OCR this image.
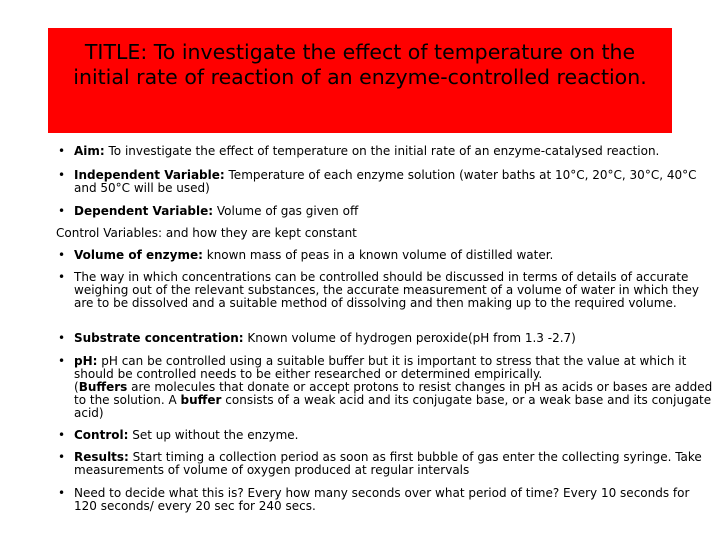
TITLE: To investigate the effect of temperature on the initial rate of reaction of an enzyme-controlled reaction.
• Aim: To investigate the effect of temperature on the initial rate of an enzyme-catalysed reaction.
• Independent Variable: Temperature of each enzyme solution (water baths at 10°C, 20°C, 30°C, 40°C and 50°C will be used)
• Dependent Variable: Volume of gas given off
Control Variables: and how they are kept constant
• Volume of enzyme: known mass of peas in a known volume of distilled water.
• The way in which concentrations can be controlled should be discussed in terms of details of accurate weighing out of the relevant substances, the accurate measurement of a volume of water in which they are to be dissolved and a suitable method of dissolving and then making up to the required volume.
• Substrate concentration: Known volume of hydrogen peroxide(pH from 1.3 -2.7)
• pH: pH can be controlled using a suitable buffer but it is important to stress that the value at which it should be controlled needs to be either researched or determined empirically.
(Buffers are molecules that donate or accept protons to resist changes in pH as acids or bases are added to the solution. A buffer consists of a weak acid and its conjugate base, or a weak base and its conjugate acid)
• Control: Set up without the enzyme.
• Results: Start timing a collection period as soon as first bubble of gas enter the collecting syringe. Take measurements of volume of oxygen produced at regular intervals
• Need to decide what this is? Every how many seconds over what period of time? Every 10 seconds for 120 seconds/ every 20 sec for 240 secs.
